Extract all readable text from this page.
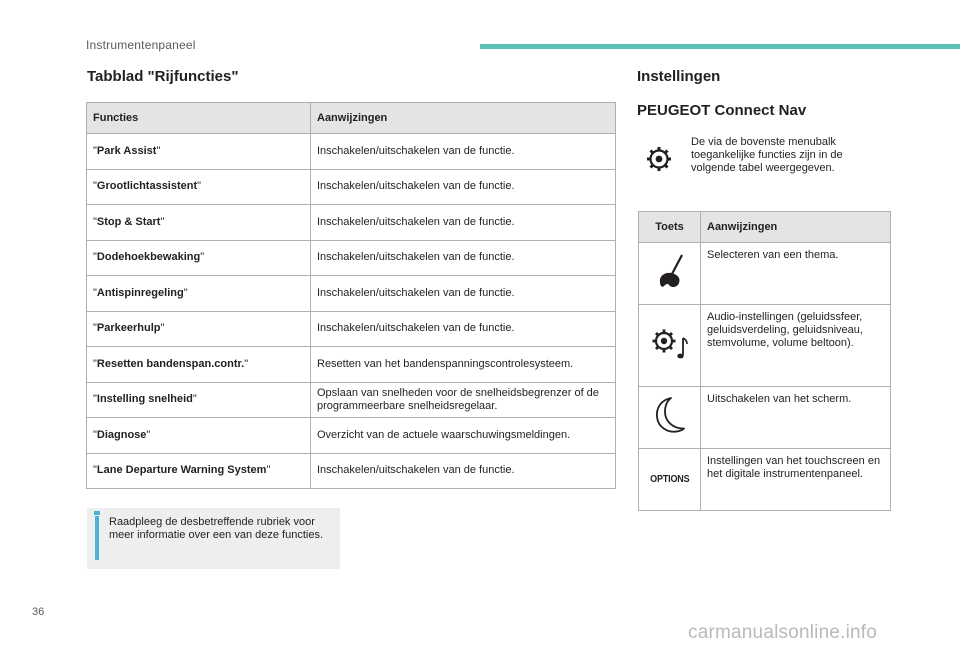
Instrumentenpaneel
Tabblad "Rijfuncties"
Functies	Aanwijzingen
"Park Assist"	Inschakelen/uitschakelen van de functie.
"Grootlichtassistent"	Inschakelen/uitschakelen van de functie.
"Stop & Start"	Inschakelen/uitschakelen van de functie.
"Dodehoekbewaking"	Inschakelen/uitschakelen van de functie.
"Antispinregeling"	Inschakelen/uitschakelen van de functie.
"Parkeerhulp"	Inschakelen/uitschakelen van de functie.
"Resetten bandenspan.contr."	Resetten van het bandenspanningscontrolesysteem.
"Instelling snelheid"	Opslaan van snelheden voor de snelheidsbegrenzer of de programmeerbare snelheidsregelaar.
"Diagnose"	Overzicht van de actuele waarschuwingsmeldingen.
"Lane Departure Warning System"	Inschakelen/uitschakelen van de functie.
Raadpleeg de desbetreffende rubriek voor meer informatie over een van deze functies.
Instellingen
PEUGEOT Connect Nav
De via de bovenste menubalk toegankelijke functies zijn in de volgende tabel weergegeven.
Toets	Aanwijzingen
	Selecteren van een thema.
	Audio-instellingen (geluidssfeer, geluidsverdeling, geluidsniveau, stemvolume, volume beltoon).
	Uitschakelen van het scherm.
OPTIONS	Instellingen van het touchscreen en het digitale instrumentenpaneel.
36
carmanualsonline.info
